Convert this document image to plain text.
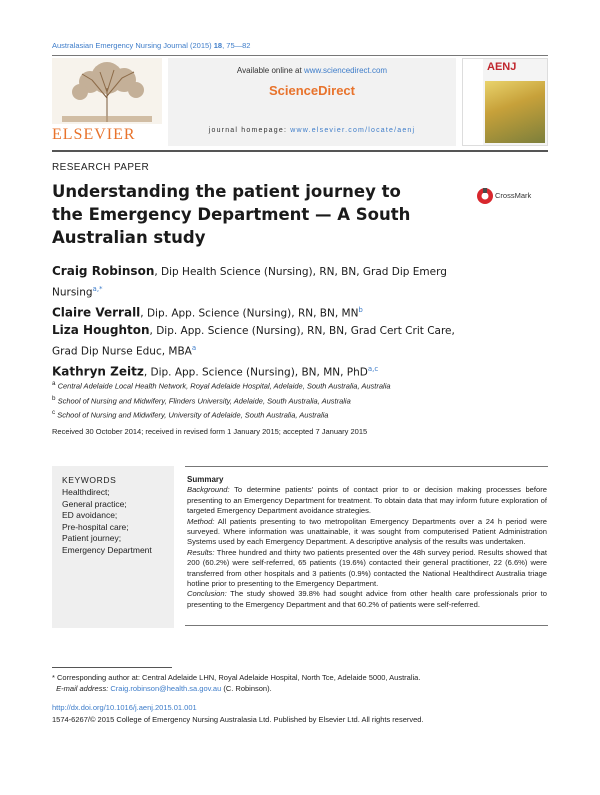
Australasian Emergency Nursing Journal (2015) 18, 75—82
ELSEVIER
Available online at www.sciencedirect.com
ScienceDirect
journal homepage: www.elsevier.com/locate/aenj
AENJ
RESEARCH PAPER
Understanding the patient journey to the Emergency Department — A South Australian study
CrossMark
Craig Robinson, Dip Health Science (Nursing), RN, BN, Grad Dip Emerg Nursing$^{a,*}$
Claire Verrall, Dip. App. Science (Nursing), RN, BN, $MN^b$
Liza Houghton, Dip. App. Science (Nursing), RN, BN, Grad Cert Crit Care, Grad Dip Nurse Educ, MBA$^a$
Kathryn Zeitz, Dip. App. Science (Nursing), BN, MN, PhD$^{a,c}$
$^a$ Central Adelaide Local Health Network, Royal Adelaide Hospital, Adelaide, South Australia, Australia
$^b$ School of Nursing and Midwifery, Flinders University, Adelaide, South Australia, Australia
$^c$ School of Nursing and Midwifery, University of Adelaide, South Australia, Australia
Received 30 October 2014; received in revised form 1 January 2015; accepted 7 January 2015
KEYWORDS
Healthdirect;
General practice;
ED avoidance;
Pre-hospital care;
Patient journey;
Emergency Department

Summary

Background: To determine patients' points of contact prior to or decision making processes before presenting to an Emergency Department for treatment. To obtain data that may inform future exploration of targeted Emergency Department avoidance strategies.

Method: All patients presenting to two metropolitan Emergency Departments over a 24 h period were surveyed. Where information was unattainable, it was sought from computerised Patient Administration Systems used by each Emergency Department. A descriptive analysis of the results was undertaken.

Results: Three hundred and thirty two patients presented over the 48h survey period. Results showed that 200 (60.2%) were self-referred, 65 patients (19.6%) contacted their general practitioner, 22 (6.6%) were transferred from other hospitals and 3 patients (0.9%) contacted the National Healthdirect Australia triage hotline prior to presenting to the Emergency Department.

Conclusion: The study showed 39.8% had sought advice from other health care professionals prior to presenting to the Emergency Department and that 60.2% of patients were self-referred.

* Corresponding author at: Central Adelaide LHN, Royal Adelaide Hospital, North Tce, Adelaide 5000, Australia.
E-mail address: Craig.robinson@health.sa.gov.au (C. Robinson).
http://dx.doi.org/10.1016/j.aenj.2015.01.001
1574-6267/© 2015 College of Emergency Nursing Australasia Ltd. Published by Elsevier Ltd. All rights reserved.
